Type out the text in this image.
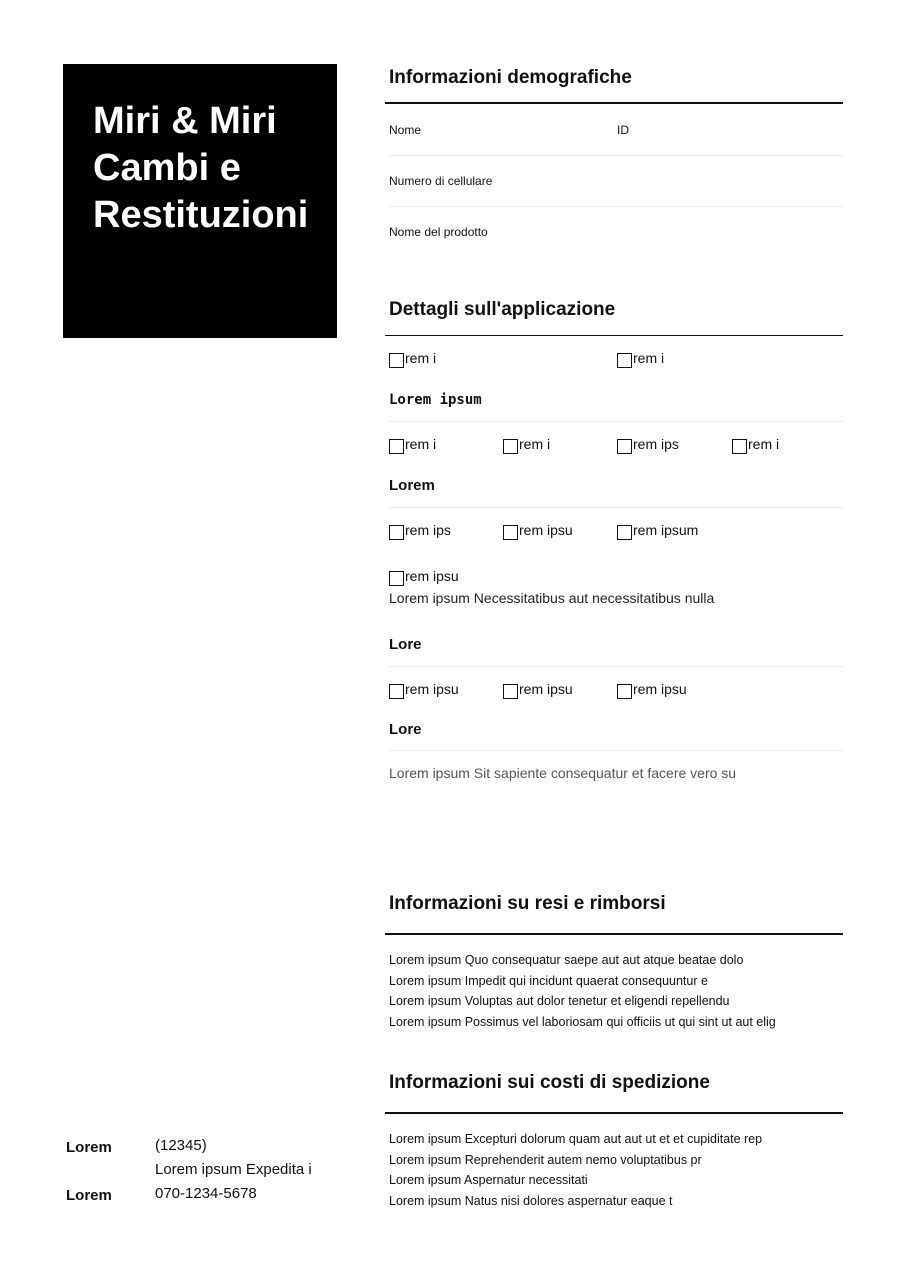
Miri & Miri
Cambi e
Restituzioni
Informazioni demografiche
Nome	ID
Numero di cellulare
Nome del prodotto
Dettagli sull'applicazione
rem i	rem i
Lorem ipsum
rem i	rem i	rem ips	rem i
Lorem
rem ips	rem ipsu	rem ipsum
rem ipsu
Lorem ipsum Necessitatibus aut necessitatibus nulla
Lore
rem ipsu	rem ipsu	rem ipsu
Lore
Lorem ipsum Sit sapiente consequatur et facere vero su
Informazioni su resi e rimborsi
Lorem ipsum Quo consequatur saepe aut aut atque beatae dolo
Lorem ipsum Impedit qui incidunt quaerat consequuntur e
Lorem ipsum Voluptas aut dolor tenetur et eligendi repellendu
Lorem ipsum Possimus vel laboriosam qui officiis ut qui sint ut aut elig
Informazioni sui costi di spedizione
Lorem ipsum Excepturi dolorum quam aut aut ut et et cupiditate rep
Lorem ipsum Reprehenderit autem nemo voluptatibus pr
Lorem ipsum Aspernatur necessitati
Lorem ipsum Natus nisi dolores aspernatur eaque t
Lorem	(12345)
Lorem ipsum Expedita i
Lorem	070-1234-5678
